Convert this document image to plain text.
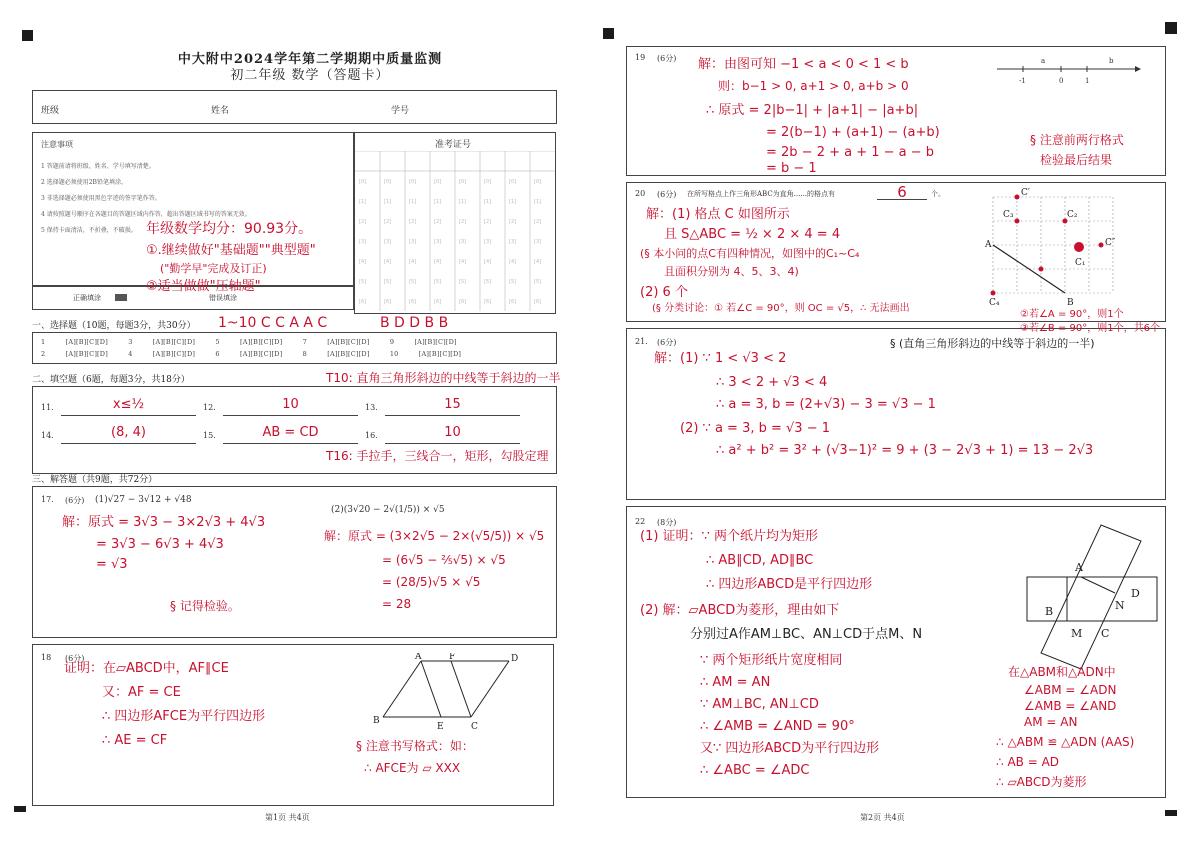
中大附中2024学年第二学期期中质量监测
初二年级 数学（答题卡）
班级	姓名	学号
注意事项
1 答题前请将班级、姓名、学号填写清楚。
2 选择题必须使用2B铅笔填涂。
3 非选择题必须使用黑色字迹的签字笔作答。
4 请按照题号顺序在各题目的答题区域内作答，超出答题区域书写的答案无效。
5 保持卡面清洁，不折叠，不破损。
准考证号
[0]	[0]	[0]	[0]	[0]	[0]	[0]	[0]
[1]	[1]	[1]	[1]	[1]	[1]	[1]	[1]
[2]	[2]	[2]	[2]	[2]	[2]	[2]	[2]
[3]	[3]	[3]	[3]	[3]	[3]	[3]	[3]
[4]	[4]	[4]	[4]	[4]	[4]	[4]	[4]
[5]	[5]	[5]	[5]	[5]	[5]	[5]	[5]
[6]	[6]	[6]	[6]	[6]	[6]	[6]	[6]
正确填涂	错误填涂
一、选择题（10题，每题3分，共30分）
1 [A][B][C][D] 3 [A][B][C][D] 5 [A][B][C][D] 7 [A][B][C][D] 9 [A][B][C][D]
2 [A][B][C][D] 4 [A][B][C][D] 6 [A][B][C][D] 8 [A][B][C][D] 10 [A][B][C][D]
二、填空题（6题，每题3分，共18分）
11.	x≤½	12.	10	13.	15
14.	(8, 4)	15.	AB = CD	16.	10
三、解答题（共9题，共72分）
17. (6分) (1)√27 − 3√12 + √48
(2)(3√20 − 2√(1/5)) × √5
18 (6分)	A	F	D
B
E	C
第1页 共4页
19 (6分)	a	b
-1	0	1
20 (6分) 在所写格点上作三角形ABC为直角......的格点有	6	个。	C′
C₃	C₂
C₁
C″
A
B
C₄
21. (6分)
22 (8分)
A
B
C
D
M
N
第2页 共4页
年级数学均分：90.93分。
①.继续做好"基础题""典型题"
("勤学早"完成及订正)
②适当做做"压轴题"
1~10 C C A A C	B D D B B
T10: 直角三角形斜边的中线等于斜边的一半
T16: 手拉手，三线合一，矩形，勾股定理
解：原式 = 3√3 − 3×2√3 + 4√3
= 3√3 − 6√3 + 4√3
= √3
解：原式 = (3×2√5 − 2×(√5/5)) × √5
= (6√5 − ⅖√5) × √5
= (28/5)√5 × √5
= 28
§ 记得检验。
证明：在▱ABCD中，AF∥CE
又：AF = CE
∴ 四边形AFCE为平行四边形
∴ AE = CF	§ 注意书写格式：如：
∴ AFCE为 ▱ XXX
解：由图可知 −1 < a < 0 < 1 < b
则：b−1 > 0, a+1 > 0, a+b > 0
∴ 原式 = 2|b−1| + |a+1| − |a+b|
= 2(b−1) + (a+1) − (a+b)
= 2b − 2 + a + 1 − a − b
= b − 1
§ 注意前两行格式
检验最后结果
解：(1) 格点 C 如图所示
且 S△ABC = ½ × 2 × 4 = 4
(§ 本小问的点C有四种情况，如图中的C₁~C₄
且面积分别为 4、5、3、4)
(2) 6 个
(§ 分类讨论：① 若∠C = 90°，则 OC = √5，∴ 无法画出
②若∠A = 90°，则1个
③若∠B = 90°，则1个，共6个
§ (直角三角形斜边的中线等于斜边的一半)
解：(1) ∵ 1 < √3 < 2
∴ 3 < 2 + √3 < 4
∴ a = 3, b = (2+√3) − 3 = √3 − 1
(2) ∵ a = 3, b = √3 − 1
∴ a² + b² = 3² + (√3−1)² = 9 + (3 − 2√3 + 1) = 13 − 2√3
(1) 证明：∵ 两个纸片均为矩形
∴ AB∥CD, AD∥BC
∴ 四边形ABCD是平行四边形
(2) 解：▱ABCD为菱形，理由如下
分别过A作AM⊥BC、AN⊥CD于点M、N
∵ 两个矩形纸片宽度相同
∴ AM = AN
∵ AM⊥BC, AN⊥CD
∴ ∠AMB = ∠AND = 90°
又∵ 四边形ABCD为平行四边形
∴ ∠ABC = ∠ADC
在△ABM和△ADN中
∠ABM = ∠ADN
∠AMB = ∠AND
AM = AN
∴ △ABM ≌ △ADN (AAS)
∴ AB = AD
∴ ▱ABCD为菱形
